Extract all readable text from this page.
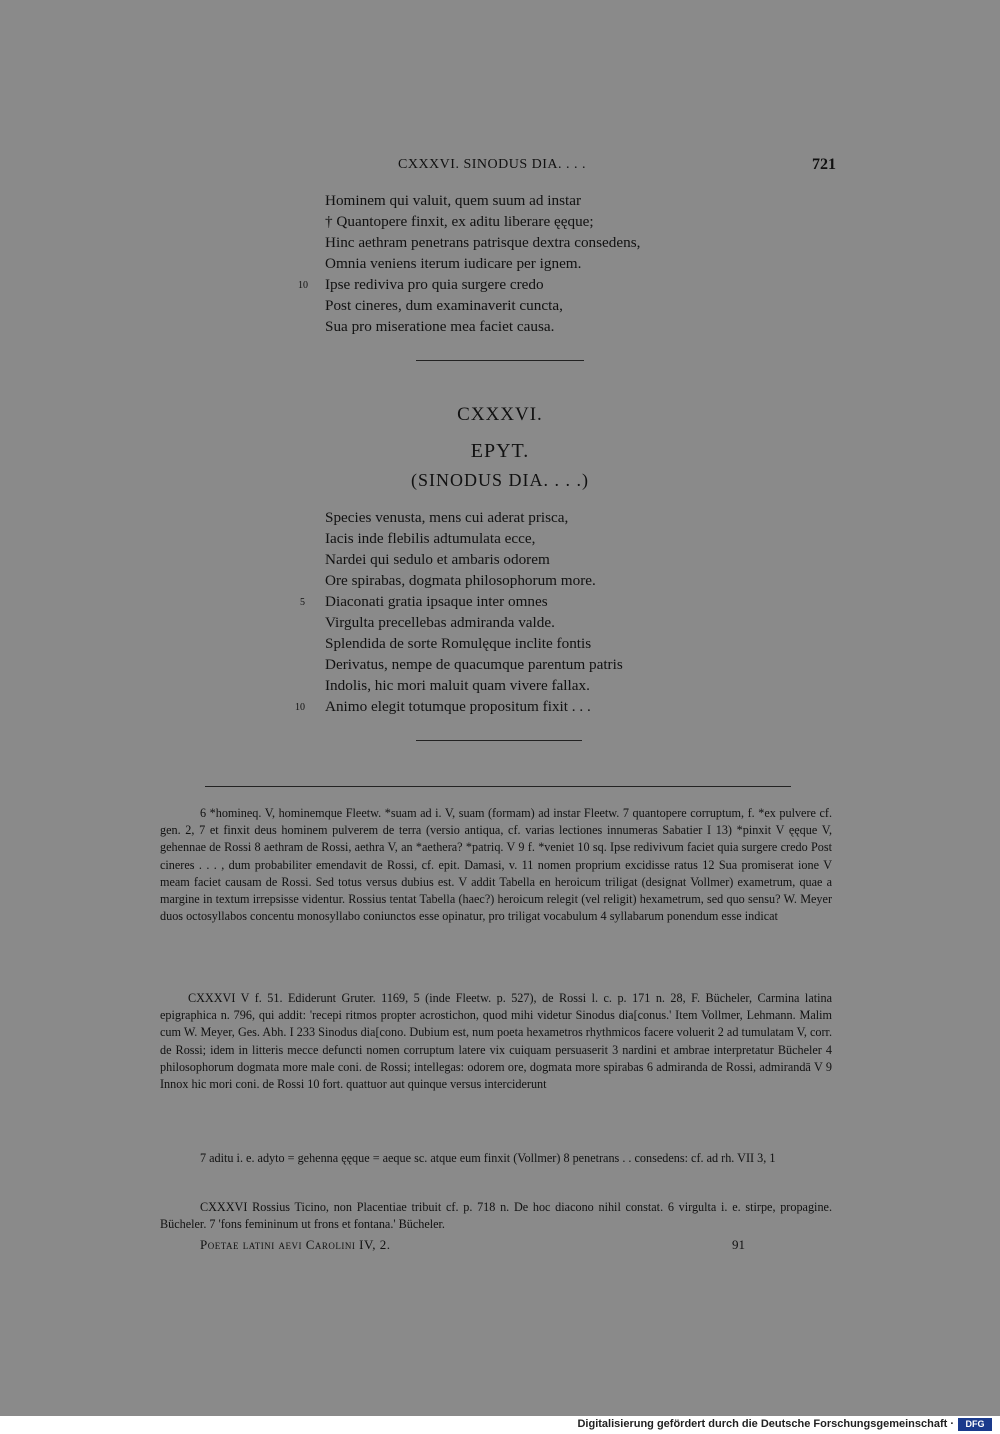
CXXXVI. SINODUS DIA. . . .	721
Hominem qui valuit, quem suum ad instar
† Quantopere finxit, ex aditu liberare ęęque;
Hinc aethram penetrans patrisque dextra consedens,
Omnia veniens iterum iudicare per ignem.
10 Ipse rediviva pro quia surgere credo
Post cineres, dum examinaverit cuncta,
Sua pro miseratione mea faciet causa.
CXXXVI.
EPYT.
(SINODUS DIA. . . .)
Species venusta, mens cui aderat prisca,
Iacis inde flebilis adtumulata ecce,
Nardei qui sedulo et ambaris odorem
Ore spirabas, dogmata philosophorum more.
5 Diaconati gratia ipsaque inter omnes
Virgulta precellebas admiranda valde.
Splendida de sorte Romulęque inclite fontis
Derivatus, nempe de quacumque parentum patris
Indolis, hic mori maluit quam vivere fallax.
10 Animo elegit totumque propositum fixit . . .

6 *homineq. V, hominemque Fleetw. *suam ad i. V, suam (formam) ad instar Fleetw. 7 quantopere corruptum, f. *ex pulvere cf. gen. 2, 7 et finxit deus hominem pulverem de terra (versio antiqua, cf. varias lectiones innumeras Sabatier I 13) *pinxit V ęęque V, gehennae de Rossi 8 aethram de Rossi, aethra V, an *aethera? *patriq. V 9 f. *veniet 10 sq. Ipse redivivum faciet quia surgere credo Post cineres . . . , dum probabiliter emendavit de Rossi, cf. epit. Damasi, v. 11 nomen proprium excidisse ratus 12 Sua promiserat ione V meam faciet causam de Rossi. Sed totus versus dubius est. V addit Tabella en heroicum triligat (designat Vollmer) exametrum, quae a margine in textum irrepsisse videntur. Rossius tentat Tabella (haec?) heroicum relegit (vel religit) hexametrum, sed quo sensu? W. Meyer duos octosyllabos concentu monosyllabo coniunctos esse opinatur, pro triligat vocabulum 4 syllabarum ponendum esse indicat

CXXXVI V f. 51. Ediderunt Gruter. 1169, 5 (inde Fleetw. p. 527), de Rossi l. c. p. 171 n. 28, F. Bücheler, Carmina latina epigraphica n. 796, qui addit: 'recepi ritmos propter acrostichon, quod mihi videtur Sinodus dia[conus.' Item Vollmer, Lehmann. Malim cum W. Meyer, Ges. Abh. I 233 Sinodus dia[cono. Dubium est, num poeta hexametros rhythmicos facere voluerit 2 ad tumulatam V, corr. de Rossi; idem in litteris mecce defuncti nomen corruptum latere vix cuiquam persuaserit 3 nardini et ambrae interpretatur Bücheler 4 philosophorum dogmata more male coni. de Rossi; intellegas: odorem ore, dogmata more spirabas 6 admiranda de Rossi, admirandā V 9 Innox hic mori coni. de Rossi 10 fort. quattuor aut quinque versus interciderunt

7 aditu i. e. adyto = gehenna ęęque = aeque sc. atque eum finxit (Vollmer) 8 penetrans . . consedens: cf. ad rh. VII 3, 1

CXXXVI Rossius Ticino, non Placentiae tribuit cf. p. 718 n. De hoc diacono nihil constat. 6 virgulta i. e. stirpe, propagine. Bücheler. 7 'fons femininum ut frons et fontana.' Bücheler.

Poetae latini aevi Carolini IV, 2.	91
Digitalisierung gefördert durch die Deutsche Forschungsgemeinschaft ·	DFG
